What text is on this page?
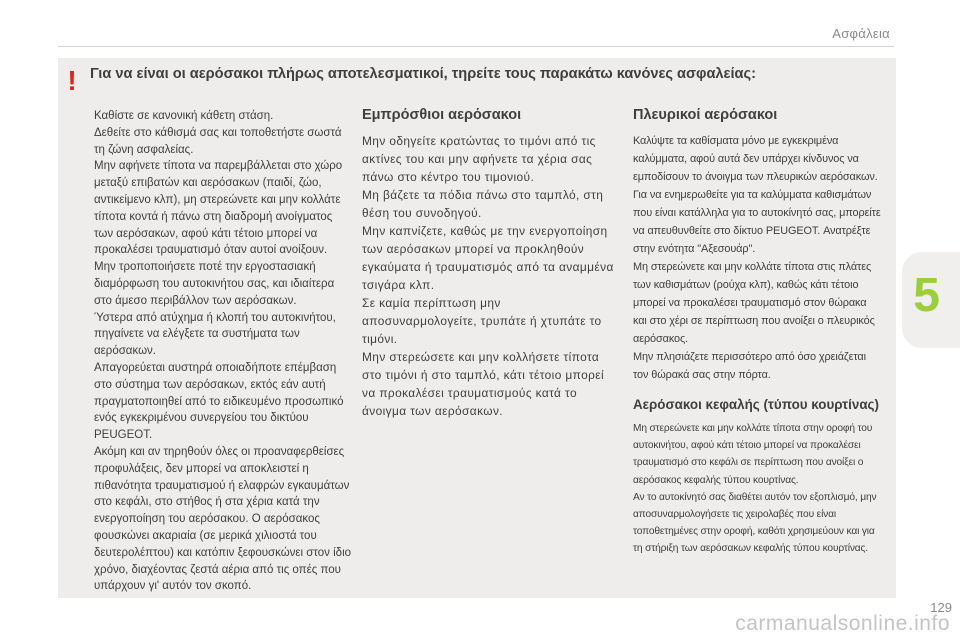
Ασφάλεια
5
! Για να είναι οι αερόσακοι πλήρως αποτελεσματικοί, τηρείτε τους παρακάτω κανόνες ασφαλείας:

Καθίστε σε κανονική κάθετη στάση.

Δεθείτε στο κάθισμά σας και τοποθετήστε σωστά τη ζώνη ασφαλείας.

Μην αφήνετε τίποτα να παρεμβάλλεται στο χώρο μεταξύ επιβατών και αερόσακων (παιδί, ζώο, αντικείμενο κλπ), μη στερεώνετε και μην κολλάτε τίποτα κοντά ή πάνω στη διαδρομή ανοίγματος των αερόσακων, αφού κάτι τέτοιο μπορεί να προκαλέσει τραυματισμό όταν αυτοί ανοίξουν.

Μην τροποποιήσετε ποτέ την εργοστασιακή διαμόρφωση του αυτοκινήτου σας, και ιδιαίτερα στο άμεσο περιβάλλον των αερόσακων.

Ύστερα από ατύχημα ή κλοπή του αυτοκινήτου, πηγαίνετε να ελέγξετε τα συστήματα των αερόσακων.

Απαγορεύεται αυστηρά οποιαδήποτε επέμβαση στο σύστημα των αερόσακων, εκτός εάν αυτή πραγματοποιηθεί από το ειδικευμένο προσωπικό ενός εγκεκριμένου συνεργείου του δικτύου PEUGEOT.

Ακόμη και αν τηρηθούν όλες οι προαναφερθείσες προφυλάξεις, δεν μπορεί να αποκλειστεί η πιθανότητα τραυματισμού ή ελαφρών εγκαυμάτων στο κεφάλι, στο στήθος ή στα χέρια κατά την ενεργοποίηση του αερόσακου. Ο αερόσακος φουσκώνει ακαριαία (σε μερικά χιλιοστά του δευτερολέπτου) και κατόπιν ξεφουσκώνει στον ίδιο χρόνο, διαχέοντας ζεστά αέρια από τις οπές που υπάρχουν γι' αυτόν τον σκοπό.

Εμπρόσθιοι αερόσακοι

Μην οδηγείτε κρατώντας το τιμόνι από τις ακτίνες του και μην αφήνετε τα χέρια σας πάνω στο κέντρο του τιμονιού.

Μη βάζετε τα πόδια πάνω στο ταμπλό, στη θέση του συνοδηγού.

Μην καπνίζετε, καθώς με την ενεργοποίηση των αερόσακων μπορεί να προκληθούν εγκαύματα ή τραυματισμός από τα αναμμένα τσιγάρα κλπ.

Σε καμία περίπτωση μην αποσυναρμολογείτε, τρυπάτε ή χτυπάτε το τιμόνι.

Μην στερεώσετε και μην κολλήσετε τίποτα στο τιμόνι ή στο ταμπλό, κάτι τέτοιο μπορεί να προκαλέσει τραυματισμούς κατά το άνοιγμα των αερόσακων.

Πλευρικοί αερόσακοι

Καλύψτε τα καθίσματα μόνο με εγκεκριμένα καλύμματα, αφού αυτά δεν υπάρχει κίνδυνος να εμποδίσουν το άνοιγμα των πλευρικών αερόσακων. Για να ενημερωθείτε για τα καλύμματα καθισμάτων που είναι κατάλληλα για το αυτοκίνητό σας, μπορείτε να απευθυνθείτε στο δίκτυο PEUGEOT. Ανατρέξτε στην ενότητα "Αξεσουάρ".

Μη στερεώνετε και μην κολλάτε τίποτα στις πλάτες των καθισμάτων (ρούχα κλπ), καθώς κάτι τέτοιο μπορεί να προκαλέσει τραυματισμό στον θώρακα και στο χέρι σε περίπτωση που ανοίξει ο πλευρικός αερόσακος.

Μην πλησιάζετε περισσότερο από όσο χρειάζεται τον θώρακά σας στην πόρτα.

Αερόσακοι κεφαλής (τύπου κουρτίνας)

Μη στερεώνετε και μην κολλάτε τίποτα στην οροφή του αυτοκινήτου, αφού κάτι τέτοιο μπορεί να προκαλέσει τραυματισμό στο κεφάλι σε περίπτωση που ανοίξει ο αερόσακος κεφαλής τύπου κουρτίνας.

Αν το αυτοκίνητό σας διαθέτει αυτόν τον εξοπλισμό, μην αποσυναρμολογήσετε τις χειρολαβές που είναι τοποθετημένες στην οροφή, καθότι χρησιμεύουν και για τη στήριξη των αερόσακων κεφαλής τύπου κουρτίνας.

129
carmanualsonline.info
